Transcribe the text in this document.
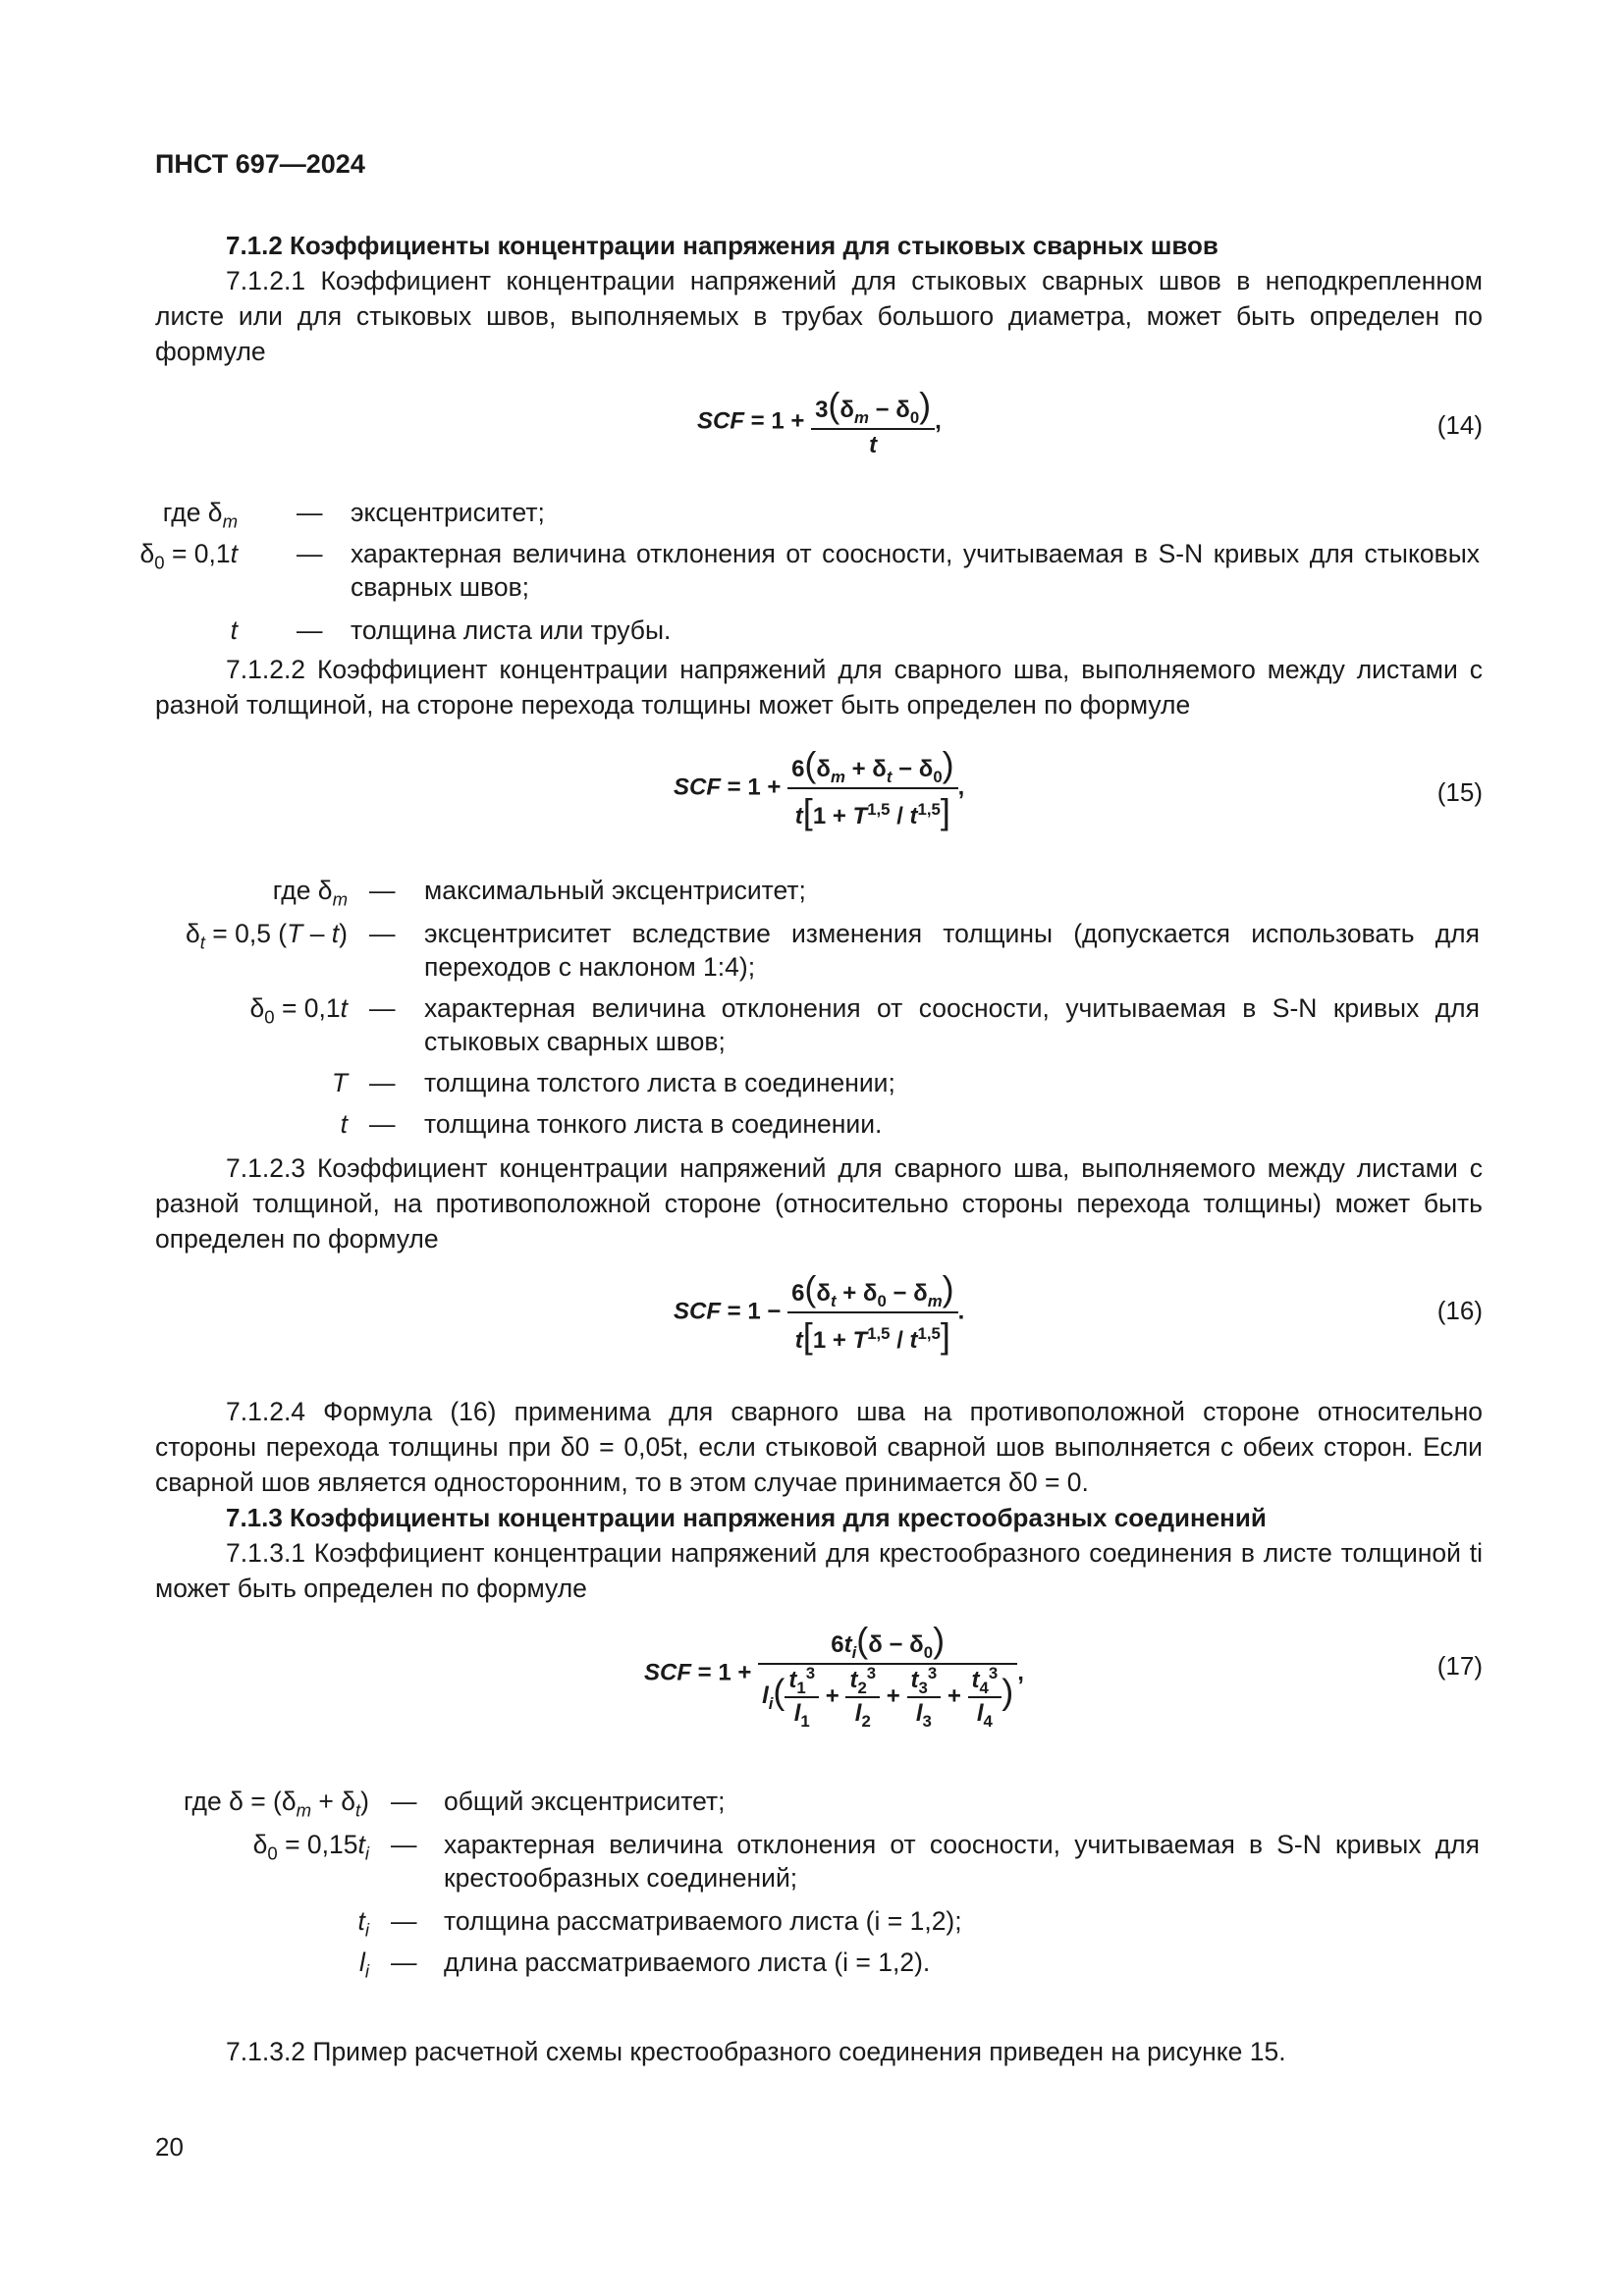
ПНСТ 697—2024

7.1.2 Коэффициенты концентрации напряжения для стыковых сварных швов

7.1.2.1 Коэффициент концентрации напряжений для стыковых сварных швов в неподкрепленном листе или для стыковых швов, выполняемых в трубах большого диаметра, может быть определен по формуле

SCF = $1 + \frac{3(\delta_m - \delta_0)}{t}$ ,	(14)
где $\delta_m$ — эксцентриситет;
$\delta_0 = 0,1t$ — характерная величина отклонения от соосности, учитываемая в S-N кривых для стыковых сварных швов;
t — толщина листа или трубы.

7.1.2.2 Коэффициент концентрации напряжений для сварного шва, выполняемого между листами с разной толщиной, на стороне перехода толщины может быть определен по формуле

SCF = $1 + \frac{6(\delta_m + \delta_t - \delta_0)}{t[1 + T^{1,5} / t^{1,5}]}$ ,	(15)
где $\delta_m$ — максимальный эксцентриситет;
$\delta_t = 0,5$ (T – t) — эксцентриситет вследствие изменения толщины (допускается использовать для переходов с наклоном 1:4);
$\delta_0 = 0,1t$ — характерная величина отклонения от соосности, учитываемая в S-N кривых для стыковых сварных швов;
T — толщина толстого листа в соединении;
t — толщина тонкого листа в соединении.

7.1.2.3 Коэффициент концентрации напряжений для сварного шва, выполняемого между листами с разной толщиной, на противоположной стороне (относительно стороны перехода толщины) может быть определен по формуле

SCF = $1 - \frac{6(\delta_t + \delta_0 - \delta_m)}{t[1 + T^{1,5} / t^{1,5}]}$ .	(16)

7.1.2.4 Формула (16) применима для сварного шва на противоположной стороне относительно стороны перехода толщины при δ0 = 0,05t, если стыковой сварной шов выполняется с обеих сторон. Если сварной шов является односторонним, то в этом случае принимается δ0 = 0.

7.1.3 Коэффициенты концентрации напряжения для крестообразных соединений

7.1.3.1 Коэффициент концентрации напряжений для крестообразного соединения в листе толщиной ti может быть определен по формуле

SCF = $1 + \frac{6t_i(\delta - \delta_0)}{l_i( \frac{t_1^3}{l_1} + \frac{t_2^3}{l_2} + \frac{t_3^3}{l_3} + \frac{t_4^3}{l_4} )}$ ,	(17)
где $\delta = (\delta_m + \delta_t)$ — общий эксцентриситет;
$\delta_0 = 0,15t_i$ — характерная величина отклонения от соосности, учитываемая в S-N кривых для крестообразных соединений;
$t_i$ — толщина рассматриваемого листа (i = 1,2);
$l_i$ — длина рассматриваемого листа (i = 1,2).

7.1.3.2 Пример расчетной схемы крестообразного соединения приведен на рисунке 15.

20
